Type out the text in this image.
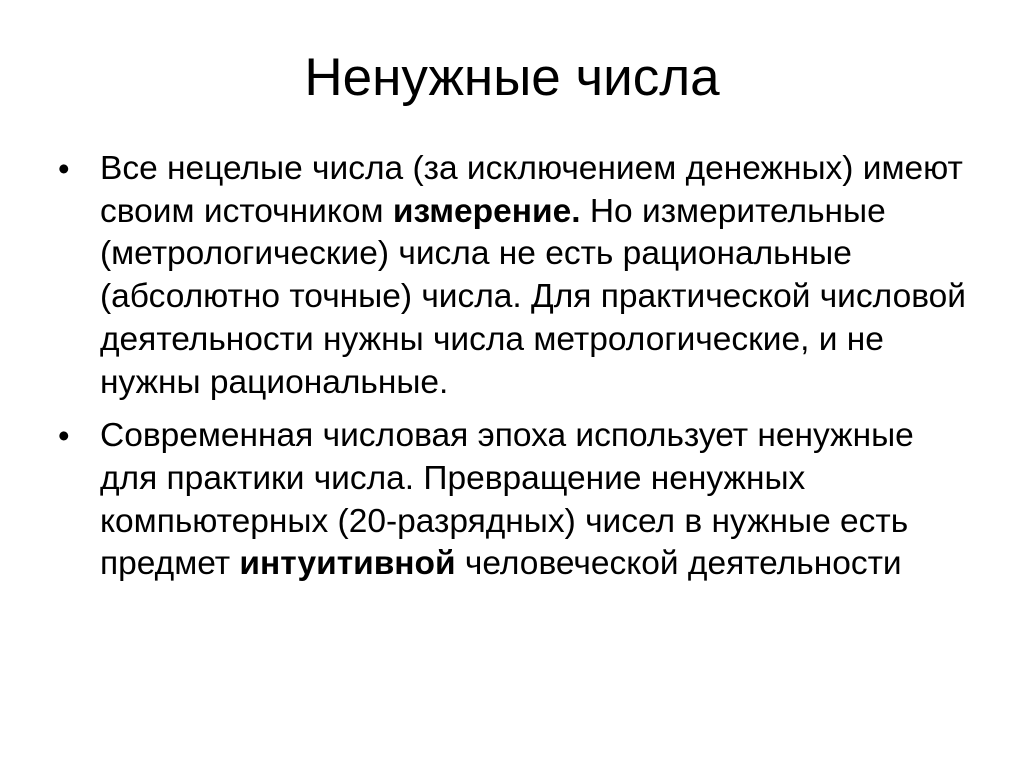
Ненужные числа
• Все нецелые числа (за исключением денежных) имеют своим источником измерение. Но измерительные (метрологические) числа не есть рациональные (абсолютно точные) числа. Для практической числовой деятельности нужны числа метрологические, и не нужны рациональные.
• Современная числовая эпоха использует ненужные для практики числа. Превращение ненужных компьютерных (20-разрядных) чисел в нужные есть предмет интуитивной человеческой деятельности
